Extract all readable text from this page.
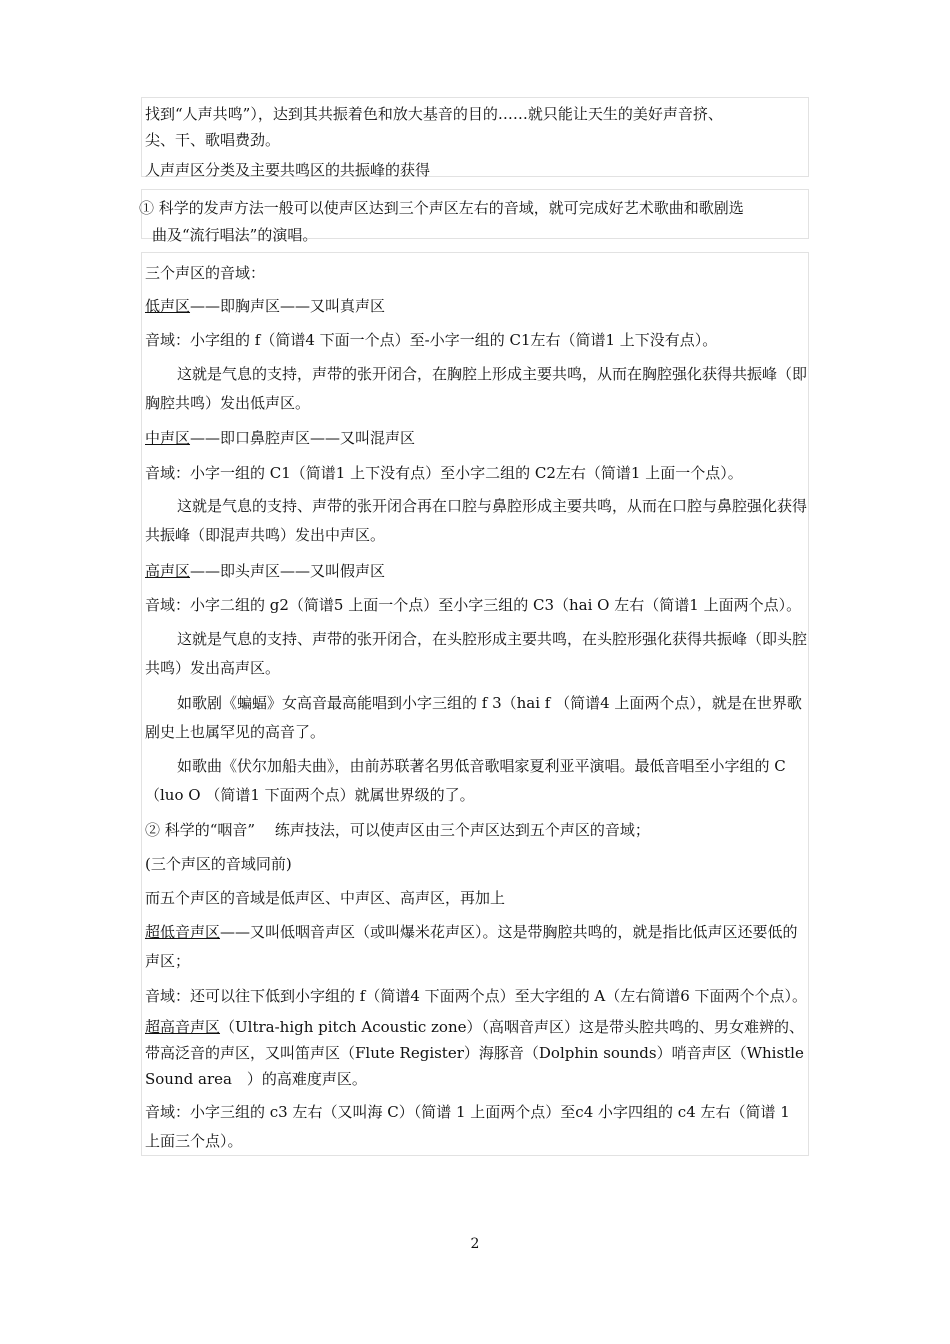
找到“人声共鸣”），达到其共振着色和放大基音的目的……就只能让天生的美好声音挤、

尖、干、歌唱费劲。

人声声区分类及主要共鸣区的共振峰的获得

① 科学的发声方法一般可以使声区达到三个声区左右的音域，就可完成好艺术歌曲和歌剧选

曲及“流行唱法”的演唱。

三个声区的音域：

低声区——即胸声区——又叫真声区

音域：小字组的 f（简谱4 下面一个点）至-小字一组的 C1左右（简谱1 上下没有点）。

这就是气息的支持，声带的张开闭合，在胸腔上形成主要共鸣，从而在胸腔强化获得共振峰（即胸腔共鸣）发出低声区。

中声区——即口鼻腔声区——又叫混声区

音域：小字一组的 C1（简谱1 上下没有点）至小字二组的 C2左右（简谱1 上面一个点）。

这就是气息的支持、声带的张开闭合再在口腔与鼻腔形成主要共鸣，从而在口腔与鼻腔强化获得共振峰（即混声共鸣）发出中声区。

高声区——即头声区——又叫假声区

音域：小字二组的 g2（简谱5 上面一个点）至小字三组的 C3（hai O 左右（简谱1 上面两个点）。

这就是气息的支持、声带的张开闭合，在头腔形成主要共鸣，在头腔形强化获得共振峰（即头腔共鸣）发出高声区。

如歌剧《蝙蝠》女高音最高能唱到小字三组的 f 3（hai f （简谱4 上面两个点），就是在世界歌剧史上也属罕见的高音了。

如歌曲《伏尔加船夫曲》，由前苏联著名男低音歌唱家夏利亚平演唱。最低音唱至小字组的 C（luo O （简谱1 下面两个点）就属世界级的了。

② 科学的“咽音”　 练声技法，可以使声区由三个声区达到五个声区的音域；

(三个声区的音域同前)

而五个声区的音域是低声区、中声区、高声区，再加上

超低音声区——又叫低咽音声区（或叫爆米花声区）。这是带胸腔共鸣的，就是指比低声区还要低的声区；

音域：还可以往下低到小字组的 f（简谱4 下面两个点）至大字组的 A（左右简谱6 下面两个个点）。

超高音声区（Ultra-high pitch Acoustic zone）（高咽音声区）这是带头腔共鸣的、男女难辨的、带高泛音的声区，又叫笛声区（Flute Register）海豚音（Dolphin sounds）哨音声区（Whistle Sound area　）的高难度声区。

音域：小字三组的 c3 左右（又叫海 C）（简谱 1 上面两个点）至c4 小字四组的 c4 左右（简谱 1 上面三个点）。

2
